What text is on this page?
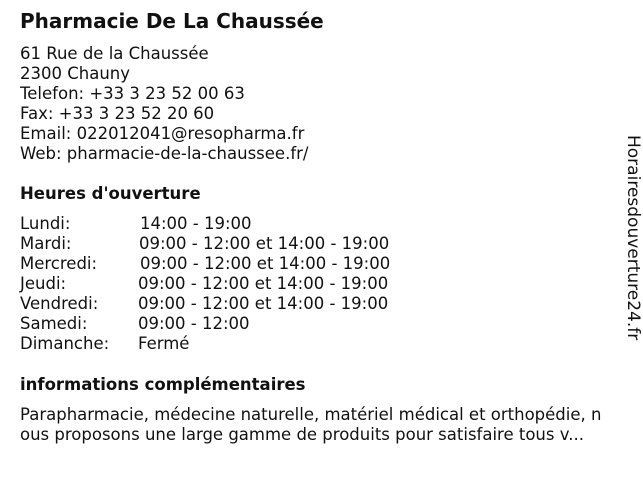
Pharmacie De La Chaussée
61 Rue de la Chaussée
2300 Chauny
Telefon: +33 3 23 52 00 63
Fax: +33 3 23 52 20 60
Email: 022012041@resopharma.fr
Web: pharmacie-de-la-chaussee.fr/
Heures d'ouverture
Lundi:	14:00 - 19:00
Mardi:	09:00 - 12:00 et 14:00 - 19:00
Mercredi:	09:00 - 12:00 et 14:00 - 19:00
Jeudi:	09:00 - 12:00 et 14:00 - 19:00
Vendredi: 09:00 - 12:00 et 14:00 - 19:00
Samedi:	09:00 - 12:00
Dimanche: Fermé
informations complémentaires
Parapharmacie, médecine naturelle, matériel médical et orthopédie, n
ous proposons une large gamme de produits pour satisfaire tous v...
Horairesdouverture24.fr
